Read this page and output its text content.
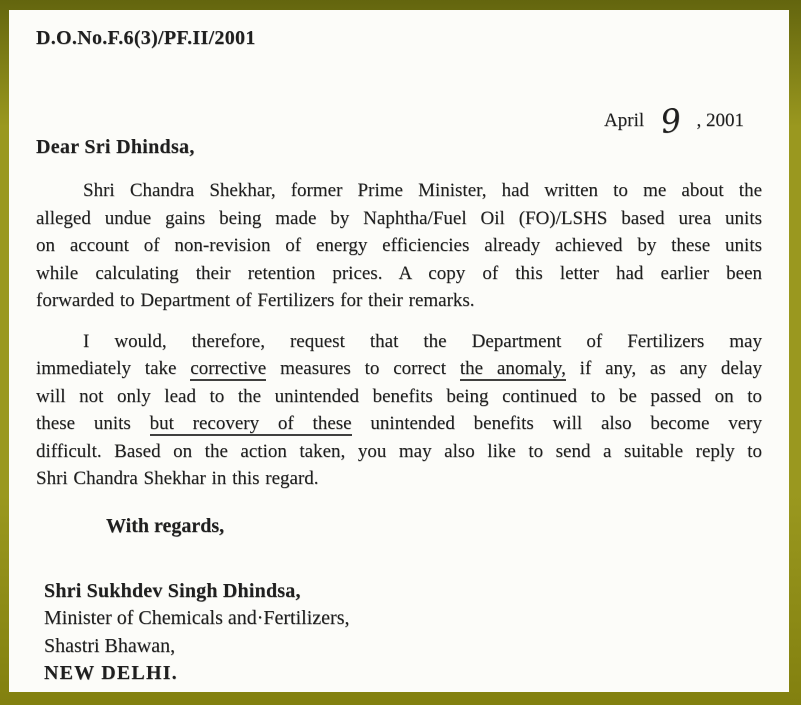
D.O.No.F.6(3)/PF.II/2001
April 9 , 2001
Dear Sri Dhindsa,
Shri Chandra Shekhar, former Prime Minister, had written to me about the
alleged undue gains being made by Naphtha/Fuel Oil (FO)/LSHS based urea units
on account of non-revision of energy efficiencies already achieved by these units
while calculating their retention prices. A copy of this letter had earlier been
forwarded to Department of Fertilizers for their remarks.
I would, therefore, request that the Department of Fertilizers may
immediately take corrective measures to correct the anomaly, if any, as any delay
will not only lead to the unintended benefits being continued to be passed on to
these units but recovery of these unintended benefits will also become very
difficult. Based on the action taken, you may also like to send a suitable reply to
Shri Chandra Shekhar in this regard.
With regards,
Shri Sukhdev Singh Dhindsa,
Minister of Chemicals and·Fertilizers,
Shastri Bhawan,
NEW DELHI.
